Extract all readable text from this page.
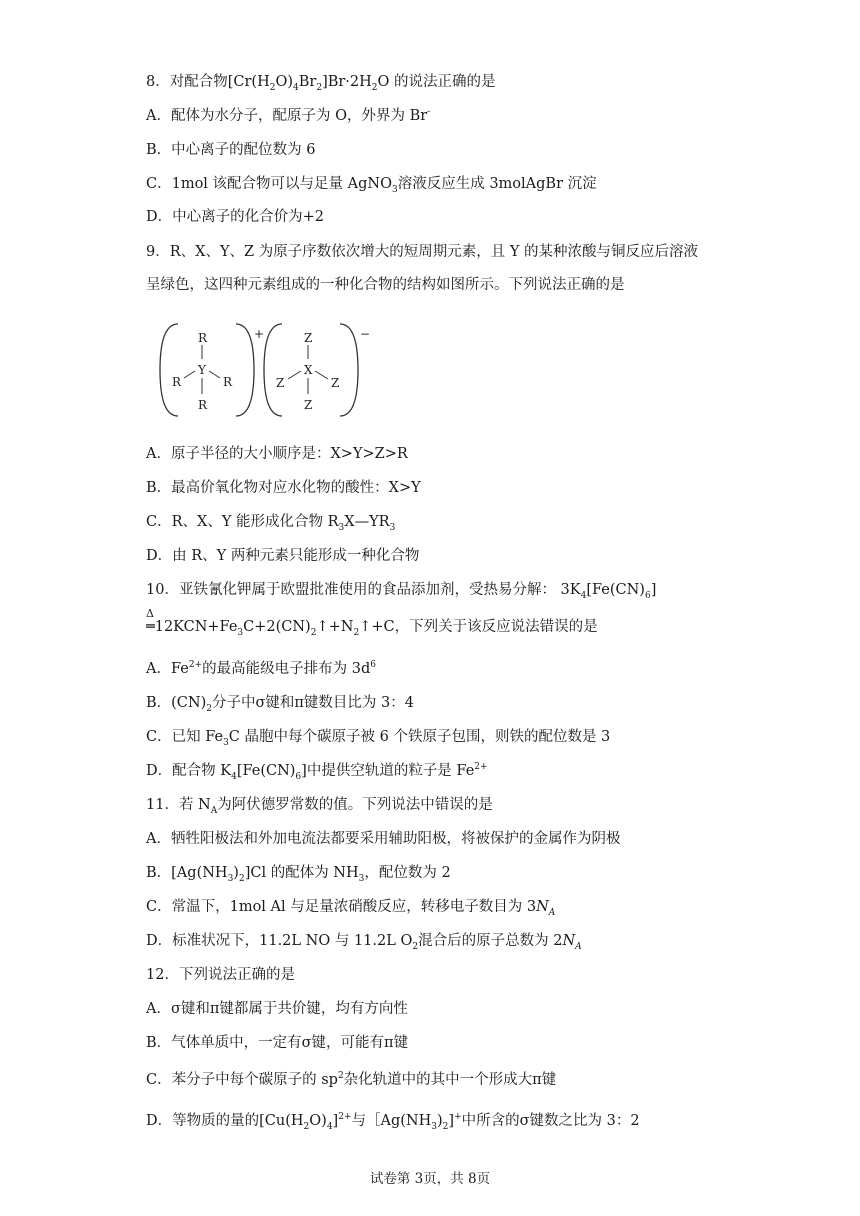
8．对配合物$[Cr(H_2O)_4Br_2]Br\cdot 2H_2O$ 的说法正确的是
A．配体为水分子，配原子为 O，外界为 Br-
B．中心离子的配位数为 6
C．1mol 该配合物可以与足量 AgNO$_3$溶液反应生成 3molAgBr 沉淀
D．中心离子的化合价为+2
9．R、X、Y、Z 为原子序数依次增大的短周期元素，且 Y 的某种浓酸与铜反应后溶液
呈绿色，这四种元素组成的一种化合物的结构如图所示。下列说法正确的是
+
R
Y
R	R
R
−
Z
X
Z	Z
Z
A．原子半径的大小顺序是：X>Y>Z>R
B．最高价氧化物对应水化物的酸性：X>Y
C．R、X、Y 能形成化合物 $R_3X—YR_3$
D．由 R、Y 两种元素只能形成一种化合物
10．亚铁氰化钾属于欧盟批准使用的食品添加剂，受热易分解： $3K_4[Fe(CN)_6]$
Δ
$═12KCN+Fe_3C+2(CN)_2↑+N_2↑+C$，下列关于该反应说法错误的是
A．$Fe^{2+}$的最高能级电子排布为 $3d^6$
B．$(CN)_2$分子中σ键和π键数目比为 3：4
C．已知 $Fe_3C$ 晶胞中每个碳原子被 6 个铁原子包围，则铁的配位数是 3
D．配合物 $K_4[Fe(CN)_6]$中提供空轨道的粒子是 $Fe^{2+}$
11．若 $N_A$为阿伏德罗常数的值。下列说法中错误的是
A．牺牲阳极法和外加电流法都要采用辅助阳极，将被保护的金属作为阴极
B．$[Ag(NH_3)_2]Cl$ 的配体为 $NH_3$，配位数为 2
C．常温下，1mol Al 与足量浓硝酸反应，转移电子数目为 $3N_A$
D．标准状况下，11.2L NO 与 11.2L $O_2$混合后的原子总数为 $2N_A$
12．下列说法正确的是
A．σ键和π键都属于共价键，均有方向性
B．气体单质中，一定有σ键，可能有π键
C．苯分子中每个碳原子的 $sp^2$杂化轨道中的其中一个形成大π键
D．等物质的量的$[Cu(H_2O)_4]^{2+}$与$[Ag(NH_3)_2]^+$中所含的σ键数之比为 3：2
试卷第 3页，共 8页
